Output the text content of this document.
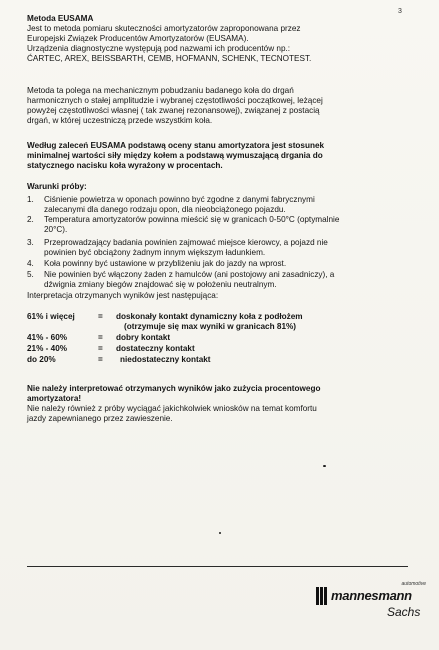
3
Metoda EUSAMA
Jest to metoda pomiaru skuteczności amortyzatorów zaproponowana przez
Europejski Związek Producentów Amortyzatorów (EUSAMA).
Urządzenia diagnostyczne występują pod nazwami ich producentów np.:
ĆARTEC, AREX, BEISSBARTH, CEMB, HOFMANN, SCHENK, TECNOTEST.
Metoda ta polega na mechanicznym pobudzaniu badanego koła do drgań
harmonicznych o stałej amplitudzie i wybranej częstotliwości początkowej, leżącej
powyżej częstotliwości własnej ( tak zwanej rezonansowej), związanej z postacią
drgań, w której uczestniczą przede wszystkim koła.
Według zaleceń EUSAMA podstawą oceny stanu amortyzatora jest stosunek
minimalnej wartości siły między kołem a podstawą wymuszającą drgania do
statycznego nacisku koła wyrażony w procentach.
Warunki próby:
1. Ciśnienie powietrza w oponach powinno być zgodne z danymi fabrycznymi
zalecanymi dla danego rodzaju opon, dla nieobciążonego pojazdu.
2. Temperatura amortyzatorów powinna mieścić się w granicach 0-50°C (optymalnie
20°C).
3. Przeprowadzający badania powinien zajmować miejsce kierowcy, a pojazd nie
powinien być obciążony żadnym innym większym ładunkiem.
4. Koła powinny być ustawione w przybliżeniu jak do jazdy na wprost.
5. Nie powinien być włączony żaden z hamulców (ani postojowy ani zasadniczy), a
dźwignia zmiany biegów znajdować się w położeniu neutralnym.
Interpretacja otrzymanych wyników jest następująca:
61% i więcej	= doskonały kontakt dynamiczny koła z podłożem
(otrzymuje się max wyniki w granicach 81%)
41% - 60%	= dobry kontakt
21% - 40%	= dostateczny kontakt
do 20%	= niedostateczny kontakt
Nie należy interpretować otrzymanych wyników jako zużycia procentowego
amortyzatora!
Nie należy również z próby wyciągać jakichkolwiek wniosków na temat komfortu
jazdy zapewnianego przez zawieszenie.
automotive
mannesmann
Sachs
